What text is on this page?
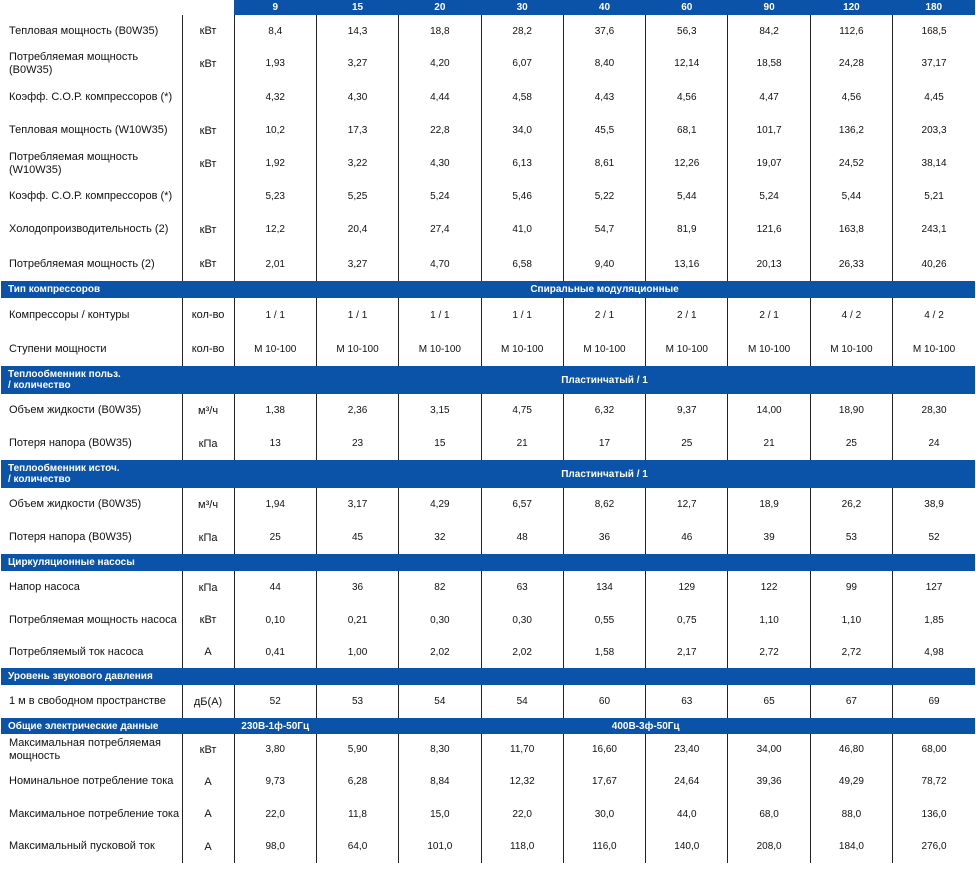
		9	15	20	30	40	60	90	120	180
Тепловая мощность (B0W35)	кВт	8,4	14,3	18,8	28,2	37,6	56,3	84,2	112,6	168,5
Потребляемая мощность (B0W35)	кВт	1,93	3,27	4,20	6,07	8,40	12,14	18,58	24,28	37,17
Коэфф. С.О.Р. компрессоров (*)		4,32	4,30	4,44	4,58	4,43	4,56	4,47	4,56	4,45
Тепловая мощность (W10W35)	кВт	10,2	17,3	22,8	34,0	45,5	68,1	101,7	136,2	203,3
Потребляемая мощность (W10W35)	кВт	1,92	3,22	4,30	6,13	8,61	12,26	19,07	24,52	38,14
Коэфф. С.О.Р. компрессоров (*)		5,23	5,25	5,24	5,46	5,22	5,44	5,24	5,44	5,21
Холодопроизводительность (2)	кВт	12,2	20,4	27,4	41,0	54,7	81,9	121,6	163,8	243,1
Потребляемая мощность (2)	кВт	2,01	3,27	4,70	6,58	9,40	13,16	20,13	26,33	40,26
Тип компрессоров		Спиральные модуляционные								
Компрессоры / контуры	кол-во	1 / 1	1 / 1	1 / 1	1 / 1	2 / 1	2 / 1	2 / 1	4 / 2	4 / 2
Ступени мощности	кол-во	M 10-100	M 10-100	M 10-100	M 10-100	M 10-100	M 10-100	M 10-100	M 10-100	M 10-100
Теплообменник польз.
/ количество		Пластинчатый / 1								
Объем жидкости (B0W35)	м³/ч	1,38	2,36	3,15	4,75	6,32	9,37	14,00	18,90	28,30
Потеря напора (B0W35)	кПа	13	23	15	21	17	25	21	25	24
Теплообменник источ.
/ количество		Пластинчатый / 1								
Объем жидкости (B0W35)	м³/ч	1,94	3,17	4,29	6,57	8,62	12,7	18,9	26,2	38,9
Потеря напора (B0W35)	кПа	25	45	32	48	36	46	39	53	52
Циркуляционные насосы										
Напор насоса	кПа	44	36	82	63	134	129	122	99	127
Потребляемая мощность насоса	кВт	0,10	0,21	0,30	0,30	0,55	0,75	1,10	1,10	1,85
Потребляемый ток насоса	А	0,41	1,00	2,02	2,02	1,58	2,17	2,72	2,72	4,98
Уровень звукового давления										
1 м в свободном пространстве	дБ(А)	52	53	54	54	60	63	65	67	69
Общие электрические данные		230В-1ф-50Гц	400В-3ф-50Гц							
Максимальная потребляемая мощность	кВт	3,80	5,90	8,30	11,70	16,60	23,40	34,00	46,80	68,00
Номинальное потребление тока	А	9,73	6,28	8,84	12,32	17,67	24,64	39,36	49,29	78,72
Максимальное потребление тока	А	22,0	11,8	15,0	22,0	30,0	44,0	68,0	88,0	136,0
Максимальный пусковой ток	А	98,0	64,0	101,0	118,0	116,0	140,0	208,0	184,0	276,0
